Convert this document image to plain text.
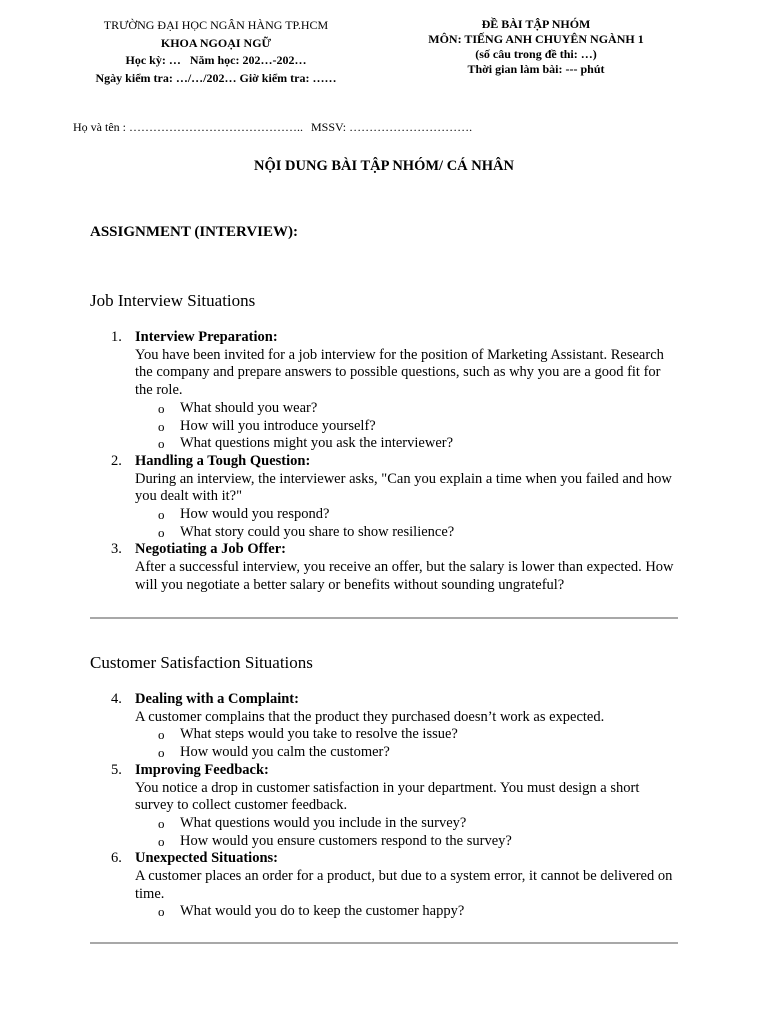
TRƯỜNG ĐẠI HỌC NGÂN HÀNG TP.HCM
KHOA NGOẠI NGỮ
Học kỳ: …   Năm học: 202…-202…
Ngày kiểm tra: …/…/202… Giờ kiểm tra: ……
ĐỀ BÀI TẬP NHÓM
MÔN: TIẾNG ANH CHUYÊN NGÀNH 1
(số câu trong đề thi: …)
Thời gian làm bài: --- phút
Họ và tên : …………………………………….. MSSV: ………………………….
NỘI DUNG BÀI TẬP NHÓM/ CÁ NHÂN
ASSIGNMENT (INTERVIEW):
Job Interview Situations
1. Interview Preparation:
You have been invited for a job interview for the position of Marketing Assistant. Research the company and prepare answers to possible questions, such as why you are a good fit for the role.
o What should you wear?
o How will you introduce yourself?
o What questions might you ask the interviewer?
2. Handling a Tough Question:
During an interview, the interviewer asks, "Can you explain a time when you failed and how you dealt with it?"
o How would you respond?
o What story could you share to show resilience?
3. Negotiating a Job Offer:
After a successful interview, you receive an offer, but the salary is lower than expected. How will you negotiate a better salary or benefits without sounding ungrateful?
Customer Satisfaction Situations
4. Dealing with a Complaint:
A customer complains that the product they purchased doesn’t work as expected.
o What steps would you take to resolve the issue?
o How would you calm the customer?
5. Improving Feedback:
You notice a drop in customer satisfaction in your department. You must design a short survey to collect customer feedback.
o What questions would you include in the survey?
o How would you ensure customers respond to the survey?
6. Unexpected Situations:
A customer places an order for a product, but due to a system error, it cannot be delivered on time.
o What would you do to keep the customer happy?
